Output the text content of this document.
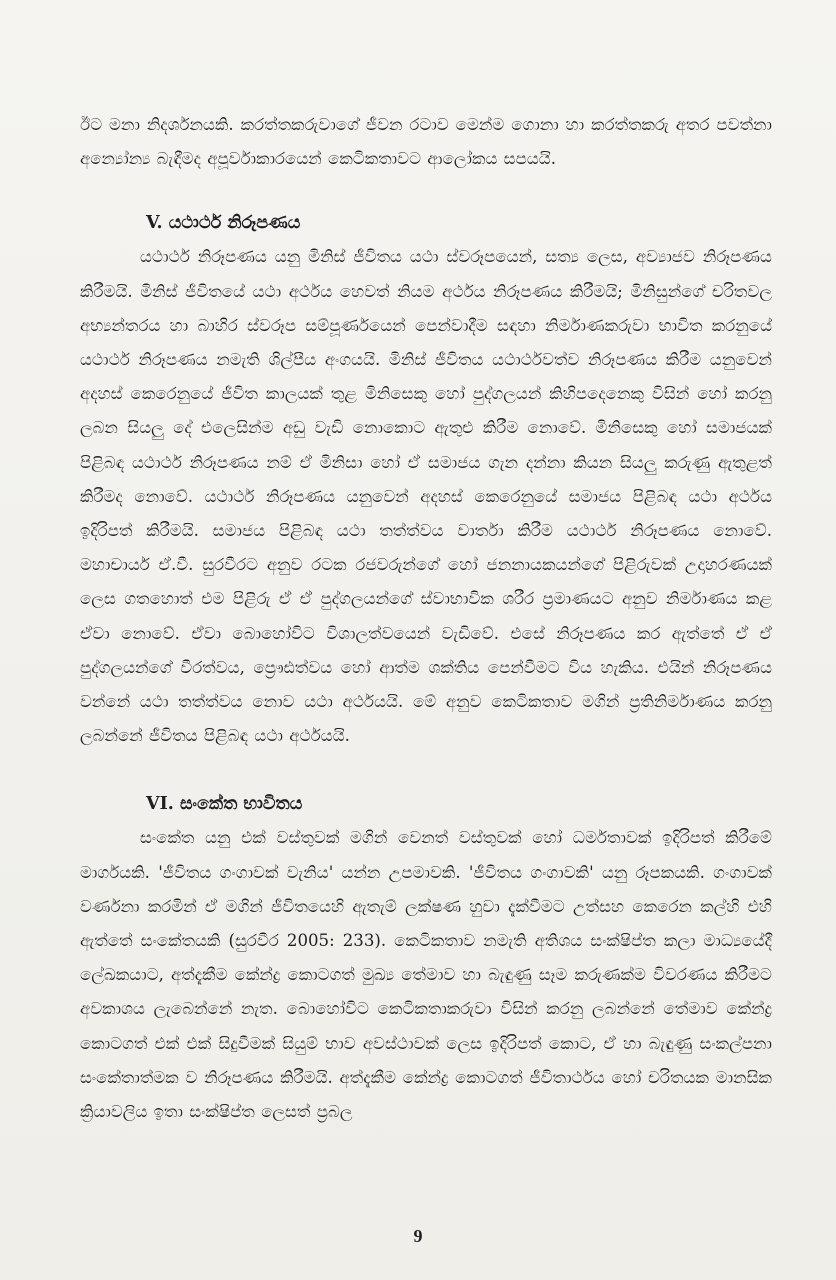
ඊට මනා නිදර්ශනයකි. කරත්තකරුවාගේ ජීවන රටාව මෙන්ම ගොනා හා කරත්තකරු අතර පවත්නා අන්‍යෝන්‍ය බැඳීමද අපූර්වාකාරයෙන් කෙටිකතාවට ආලෝකය සපයයි.

V. යථාර්ථ නිරූපණය

යථාර්ථ නිරූපණය යනු මිනිස් ජීවිතය යථා ස්වරූපයෙන්, සත්‍ය ලෙස, අව්‍යාජව නිරූපණය කිරීමයි. මිනිස් ජීවිතයේ යථා අර්ථය හෙවත් නියම අර්ථය නිරූපණය කිරීමයි; මිනිසුන්ගේ චරිතවල අභ්‍යන්තරය හා බාහිර ස්වරූප සම්පූර්ණයෙන් පෙන්වාදීම සඳහා නිර්මාණකරුවා භාවිත කරනුයේ යථාර්ථ නිරූපණය නමැති ශිල්පීය අංගයයි. මිනිස් ජීවිතය යථාර්ථවත්ව නිරූපණය කිරීම යනුවෙන් අදහස් කෙරෙනුයේ ජීවිත කාලයක් තුළ මිනිසෙකු හෝ පුද්ගලයන් කිහිපදෙනෙකු විසින් හෝ කරනු ලබන සියලු දේ එලෙසින්ම අඩු වැඩි නොකොට ඇතුළු කිරීම නොවේ. මිනිසෙකු හෝ සමාජයක් පිළිබඳ යථාර්ථ නිරූපණය නම් ඒ මිනිසා හෝ ඒ සමාජය ගැන දන්නා කියන සියලු කරුණු ඇතුළත් කිරීමද නොවේ. යථාර්ථ නිරූපණය යනුවෙන් අදහස් කෙරෙනුයේ සමාජය පිළිබඳ යථා අර්ථය ඉදිරිපත් කිරීමයි. සමාජය පිළිබඳ යථා තත්ත්වය වාර්තා කිරීම යථාර්ථ නිරූපණය නොවේ. මහාචාර්ය ඒ.වී. සුරවීරට අනුව රටක රජවරුන්ගේ හෝ ජනනායකයන්ගේ පිළිරුවක් උදාහරණයක් ලෙස ගතහොත් එම පිළිරු ඒ ඒ පුද්ගලයන්ගේ ස්වාභාවික ශරීර ප්‍රමාණයට අනුව නිර්මාණය කළ ඒවා නොවේ. ඒවා බොහෝවිට විශාලත්වයෙන් වැඩිවේ. එසේ නිරූපණය කර ඇත්තේ ඒ ඒ පුද්ගලයන්ගේ වීරත්වය, ප්‍රෞඪත්වය හෝ ආත්ම ශක්තිය පෙන්වීමට විය හැකිය. එයින් නිරූපණය වන්නේ යථා තත්ත්වය නොව යථා අර්ථයයි. මේ අනුව කෙටිකතාව මගින් ප්‍රතිනිර්මාණය කරනු ලබන්නේ ජීවිතය පිළිබඳ යථා අර්ථයයි.

VI. සංකේත භාවිතය

සංකේත යනු එක් වස්තුවක් මගින් වෙනත් වස්තුවක් හෝ ධර්මතාවක් ඉදිරිපත් කිරීමේ මාර්ගයකි. 'ජීවිතය ගංගාවක් වැනිය' යන්න උපමාවකි. 'ජීවිතය ගංගාවකි' යනු රූපකයකි. ගංගාවක් වර්ණනා කරමින් ඒ මගින් ජීවිතයෙහි ඇතැම් ලක්ෂණ හුවා දැක්වීමට උත්සහ කෙරෙන කල්හි එහි ඇත්තේ සංකේතයකි (සුරවීර 2005: 233). කෙටිකතාව නමැති අතිශය සංක්ෂිප්ත කලා මාධ්‍යයේදී ලේඛකයාට, අත්දැකීම කේන්ද්‍ර කොටගත් මුඛ්‍ය තේමාව හා බැඳුණු සෑම කරුණක්ම විවරණය කිරීමට අවකාශය ලැබෙන්නේ නැත. බොහෝවිට කෙටිකතාකරුවා විසින් කරනු ලබන්නේ තේමාව කේන්ද්‍ර කොටගත් එක් එක් සිදුවීමක් සියුම් භාව අවස්ථාවක් ලෙස ඉදිරිපත් කොට, ඒ හා බැඳුණු සංකල්පනා සංකේතාත්මක ව නිරූපණය කිරීමයි. අත්දැකීම කේන්ද්‍ර කොටගත් ජීවිතාර්ථය හෝ චරිතයක මානසික ක්‍රියාවලිය ඉතා සංක්ෂිප්ත ලෙසත් ප්‍රබල

9
